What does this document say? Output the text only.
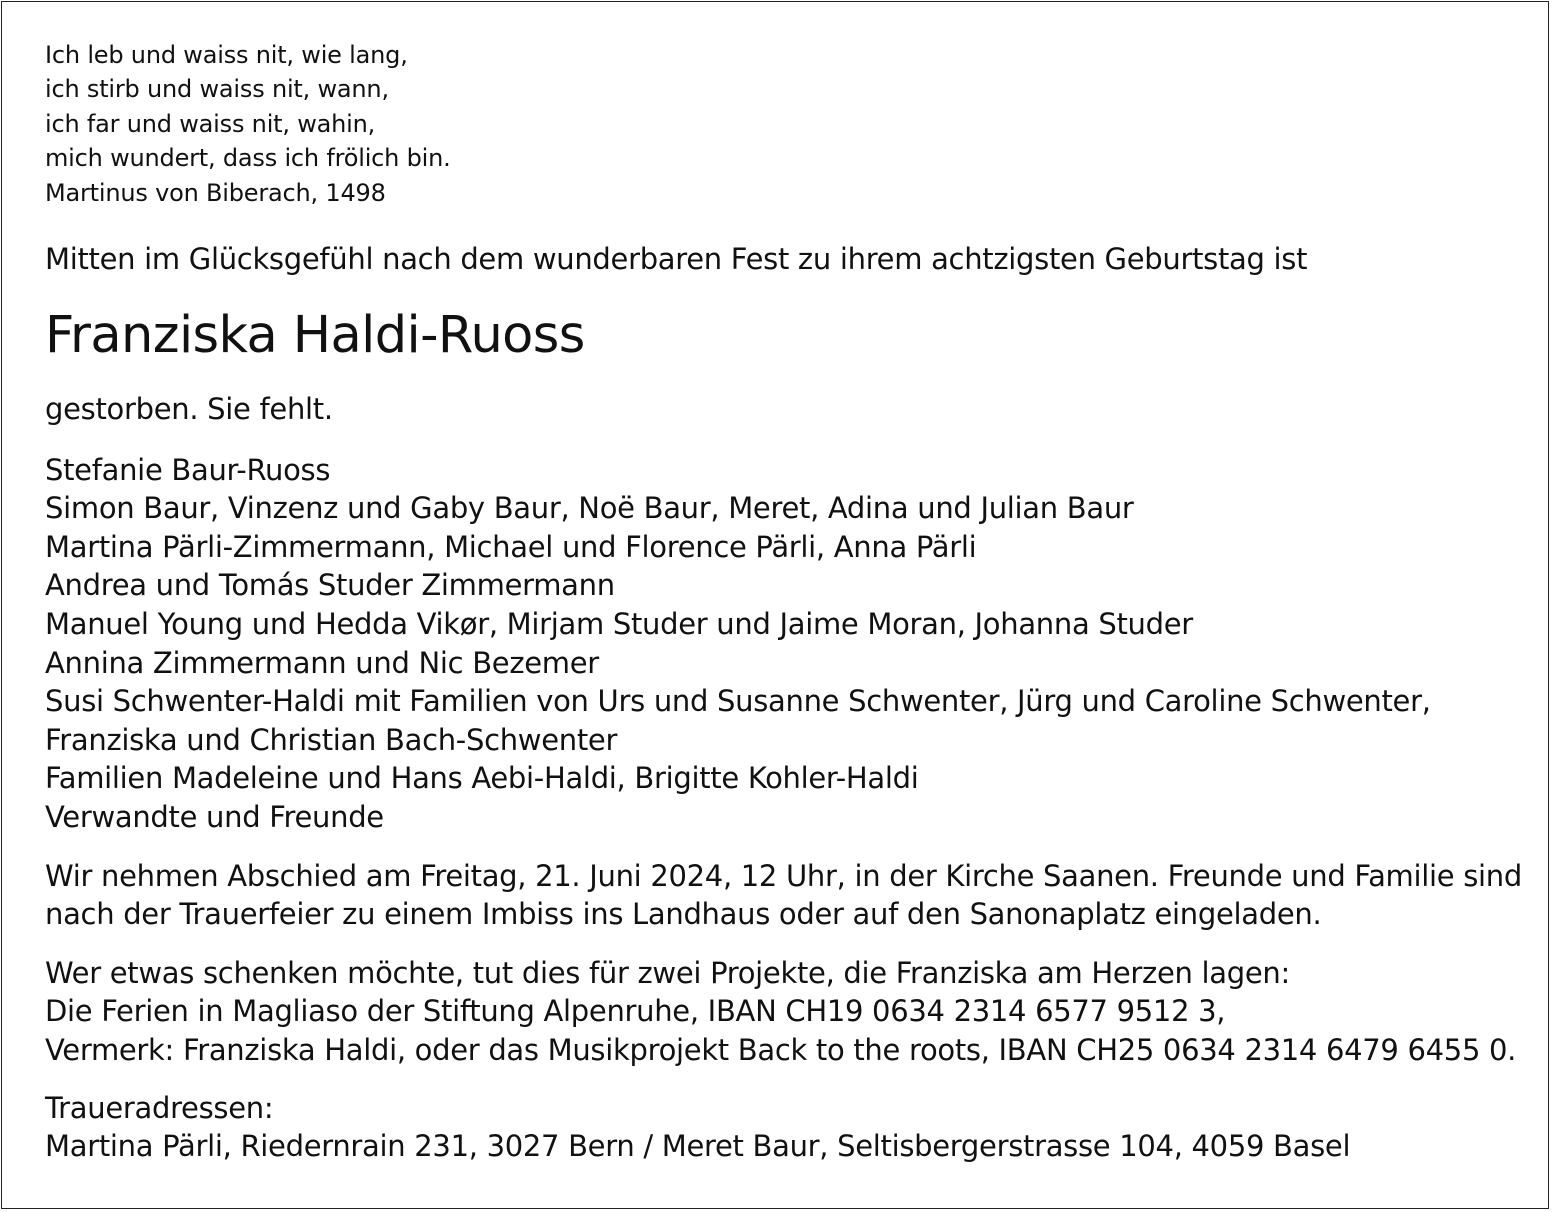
Ich leb und waiss nit, wie lang,
ich stirb und waiss nit, wann,
ich far und waiss nit, wahin,
mich wundert, dass ich frölich bin.
Martinus von Biberach, 1498
Mitten im Glücksgefühl nach dem wunderbaren Fest zu ihrem achtzigsten Geburtstag ist
Franziska Haldi-Ruoss
gestorben. Sie fehlt.
Stefanie Baur-Ruoss
Simon Baur, Vinzenz und Gaby Baur, Noë Baur, Meret, Adina und Julian Baur
Martina Pärli-Zimmermann, Michael und Florence Pärli, Anna Pärli
Andrea und Tomás Studer Zimmermann
Manuel Young und Hedda Vikør, Mirjam Studer und Jaime Moran, Johanna Studer
Annina Zimmermann und Nic Bezemer
Susi Schwenter-Haldi mit Familien von Urs und Susanne Schwenter, Jürg und Caroline Schwenter,
Franziska und Christian Bach-Schwenter
Familien Madeleine und Hans Aebi-Haldi, Brigitte Kohler-Haldi
Verwandte und Freunde
Wir nehmen Abschied am Freitag, 21. Juni 2024, 12 Uhr, in der Kirche Saanen. Freunde und Familie sind
nach der Trauerfeier zu einem Imbiss ins Landhaus oder auf den Sanonaplatz eingeladen.
Wer etwas schenken möchte, tut dies für zwei Projekte, die Franziska am Herzen lagen:
Die Ferien in Magliaso der Stiftung Alpenruhe, IBAN CH19 0634 2314 6577 9512 3,
Vermerk: Franziska Haldi, oder das Musikprojekt Back to the roots, IBAN CH25 0634 2314 6479 6455 0.
Traueradressen:
Martina Pärli, Riedernrain 231, 3027 Bern / Meret Baur, Seltisbergerstrasse 104, 4059 Basel
